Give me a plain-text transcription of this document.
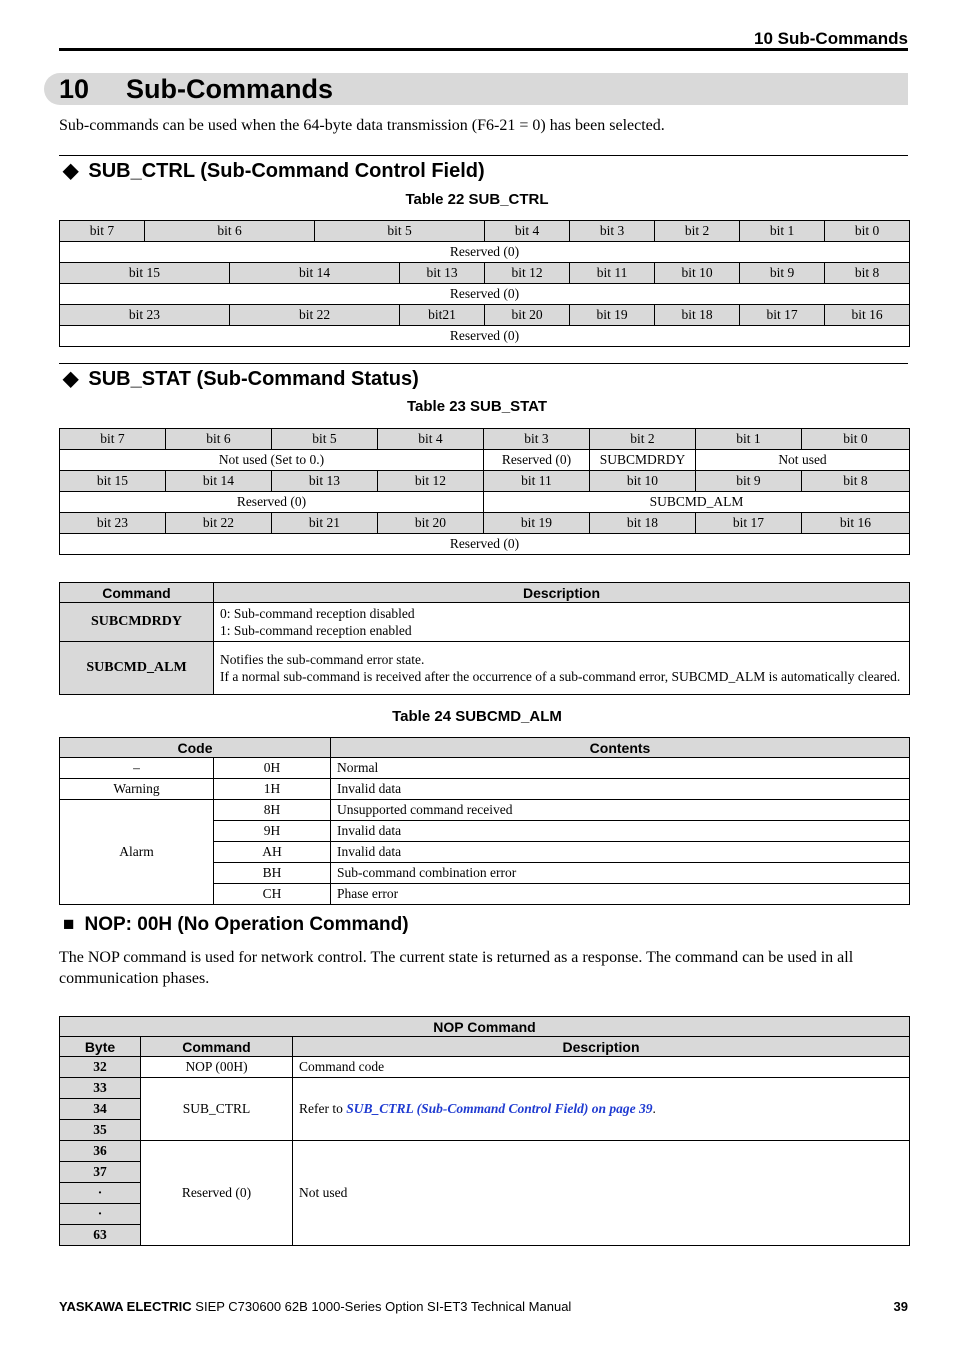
10 Sub-Commands
10 Sub-Commands
Sub-commands can be used when the 64-byte data transmission (F6-21 = 0) has been selected.
◆ SUB_CTRL (Sub-Command Control Field)
Table 22 SUB_CTRL
bit 7	bit 6		bit 5		bit 4	bit 3	bit 2	bit 1	bit 0
Reserved (0)									
bit 15		bit 14		bit 13	bit 12	bit 11	bit 10	bit 9	bit 8
Reserved (0)									
bit 23		bit 22		bit21	bit 20	bit 19	bit 18	bit 17	bit 16
Reserved (0)									
◆ SUB_STAT (Sub-Command Status)
Table 23 SUB_STAT
bit 7	bit 6	bit 5	bit 4	bit 3	bit 2	bit 1	bit 0
Not used (Set to 0.)				Reserved (0)	SUBCMDRDY	Not used	
bit 15	bit 14	bit 13	bit 12	bit 11	bit 10	bit 9	bit 8
Reserved (0)				SUBCMD_ALM			
bit 23	bit 22	bit 21	bit 20	bit 19	bit 18	bit 17	bit 16
Reserved (0)							
Command	Description
SUBCMDRDY	0: Sub-command reception disabled
1: Sub-command reception enabled

SUBCMD_ALM	Notifies the sub-command error state.
If a normal sub-command is received after the occurrence of a sub-command error, SUBCMD_ALM is automatically cleared.
Table 24 SUBCMD_ALM
Code		Contents
–	0H	Normal
Warning	1H	Invalid data
Alarm	8H	Unsupported command received
	9H	Invalid data
	AH	Invalid data
	BH	Sub-command combination error
	CH	Phase error
■ NOP: 00H (No Operation Command)
The NOP command is used for network control. The current state is returned as a response. The command can be used in all communication phases.
NOP Command		
Byte	Command	Description
32	NOP (00H)	Command code
33	SUB_CTRL	Refer to SUB_CTRL (Sub-Command Control Field) on page 39.
34		
35		
36	Reserved (0)	Not used
37		
·		
·		
63		
YASKAWA ELECTRIC SIEP C730600 62B 1000-Series Option SI-ET3 Technical Manual	39
